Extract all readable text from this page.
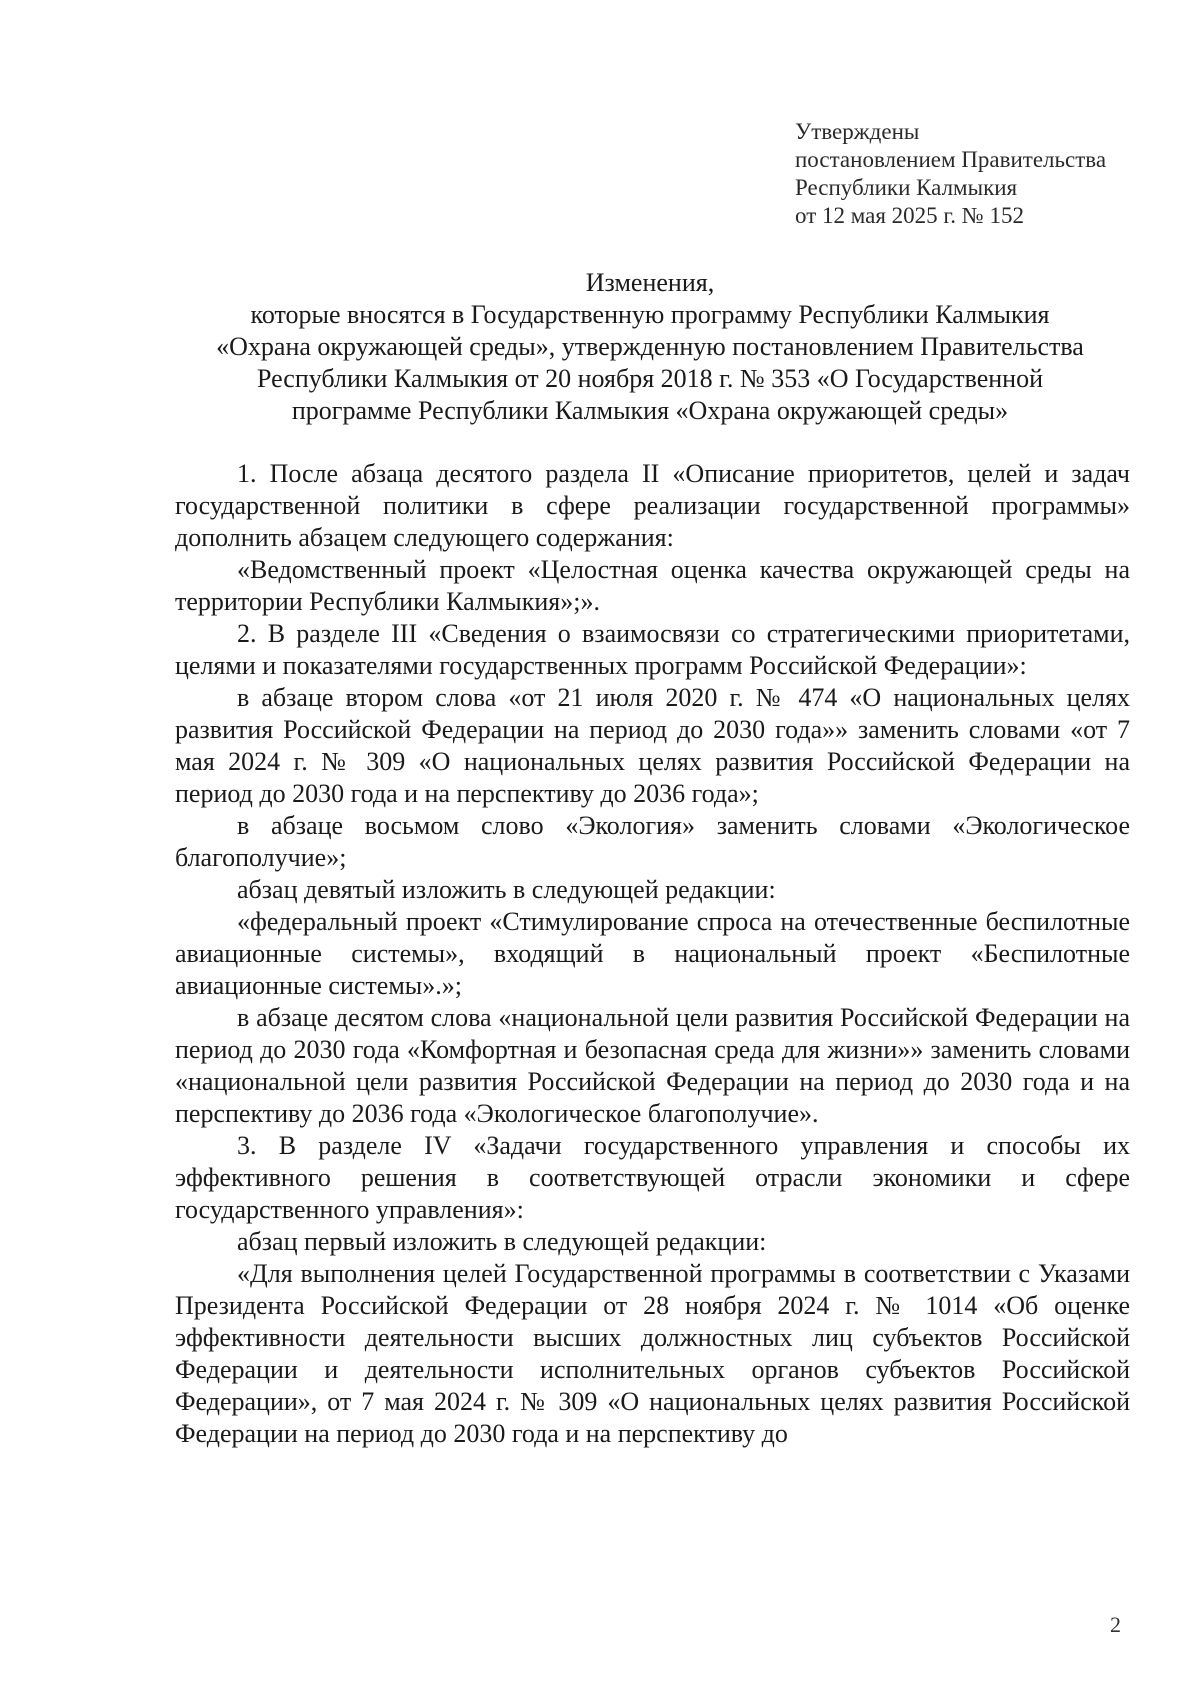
Утверждены
постановлением Правительства
Республики Калмыкия
от 12 мая 2025 г. № 152
Изменения,
которые вносятся в Государственную программу Республики Калмыкия
«Охрана окружающей среды», утвержденную постановлением Правительства
Республики Калмыкия от 20 ноября 2018 г. № 353 «О Государственной
программе Республики Калмыкия «Охрана окружающей среды»

1. После абзаца десятого раздела II «Описание приоритетов, целей и задач государственной политики в сфере реализации государственной программы» дополнить абзацем следующего содержания:

«Ведомственный проект «Целостная оценка качества окружающей среды на территории Республики Калмыкия»;».

2. В разделе III «Сведения о взаимосвязи со стратегическими приоритетами, целями и показателями государственных программ Российской Федерации»:

в абзаце втором слова «от 21 июля 2020 г. № 474 «О национальных целях развития Российской Федерации на период до 2030 года»» заменить словами «от 7 мая 2024 г. № 309 «О национальных целях развития Российской Федерации на период до 2030 года и на перспективу до 2036 года»;

в абзаце восьмом слово «Экология» заменить словами «Экологическое благополучие»;

абзац девятый изложить в следующей редакции:

«федеральный проект «Стимулирование спроса на отечественные беспилотные авиационные системы», входящий в национальный проект «Беспилотные авиационные системы».»;

в абзаце десятом слова «национальной цели развития Российской Федерации на период до 2030 года «Комфортная и безопасная среда для жизни»» заменить словами «национальной цели развития Российской Федерации на период до 2030 года и на перспективу до 2036 года «Экологическое благополучие».

3. В разделе IV «Задачи государственного управления и способы их эффективного решения в соответствующей отрасли экономики и сфере государственного управления»:

абзац первый изложить в следующей редакции:

«Для выполнения целей Государственной программы в соответствии с Указами Президента Российской Федерации от 28 ноября 2024 г. № 1014 «Об оценке эффективности деятельности высших должностных лиц субъектов Российской Федерации и деятельности исполнительных органов субъектов Российской Федерации», от 7 мая 2024 г. № 309 «О национальных целях развития Российской Федерации на период до 2030 года и на перспективу до

2
